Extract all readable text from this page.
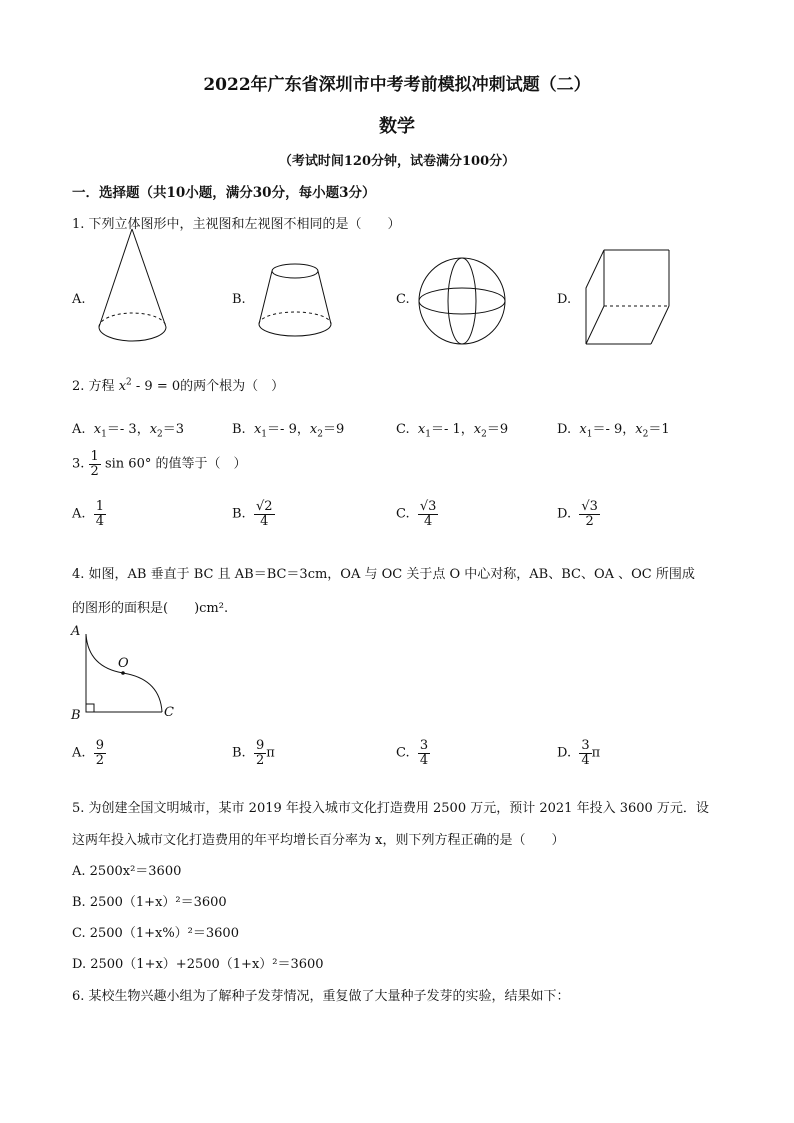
2022年广东省深圳市中考考前模拟冲刺试题（二）
数学
（考试时间120分钟，试卷满分100分）
一．选择题（共10小题，满分30分，每小题3分）
1. 下列立体图形中，主视图和左视图不相同的是（　　）
A.	B.	C.	D.
2. 方程 $x^2 - 9 = 0$的两个根为（　）
A. $x_1=-$ 3，$x_2=3$	B. $x_1=-$ 9，$x_2=9$	C. $x_1=-$ 1，$x_2=9$	D. $x_1=-$ 9，$x_2=1$
3. $\frac{1}{2}$ sin 60° 的值等于（　）
A. $\frac{1}{4}$	B. $\frac{√2}{4}$	C. $\frac{√3}{4}$	D. $\frac{√3}{2}$
4. 如图，AB 垂直于 BC 且 AB＝BC＝3cm，OA 与 OC 关于点 O 中心对称，AB、BC、OA 、OC 所围成
的图形的面积是(　　)cm².
A
B	C
O
A. $\frac{9}{2}$	B. $\frac{9}{2}$ π	C. $\frac{3}{4}$	D. $\frac{3}{4}$ π
5. 为创建全国文明城市，某市 2019 年投入城市文化打造费用 2500 万元，预计 2021 年投入 3600 万元．设
这两年投入城市文化打造费用的年平均增长百分率为 x，则下列方程正确的是（　　）
A. 2500x²＝3600
B. 2500（1+x）²＝3600
C. 2500（1+x%）²＝3600
D. 2500（1+x）+2500（1+x）²＝3600
6. 某校生物兴趣小组为了解种子发芽情况，重复做了大量种子发芽的实验，结果如下：
